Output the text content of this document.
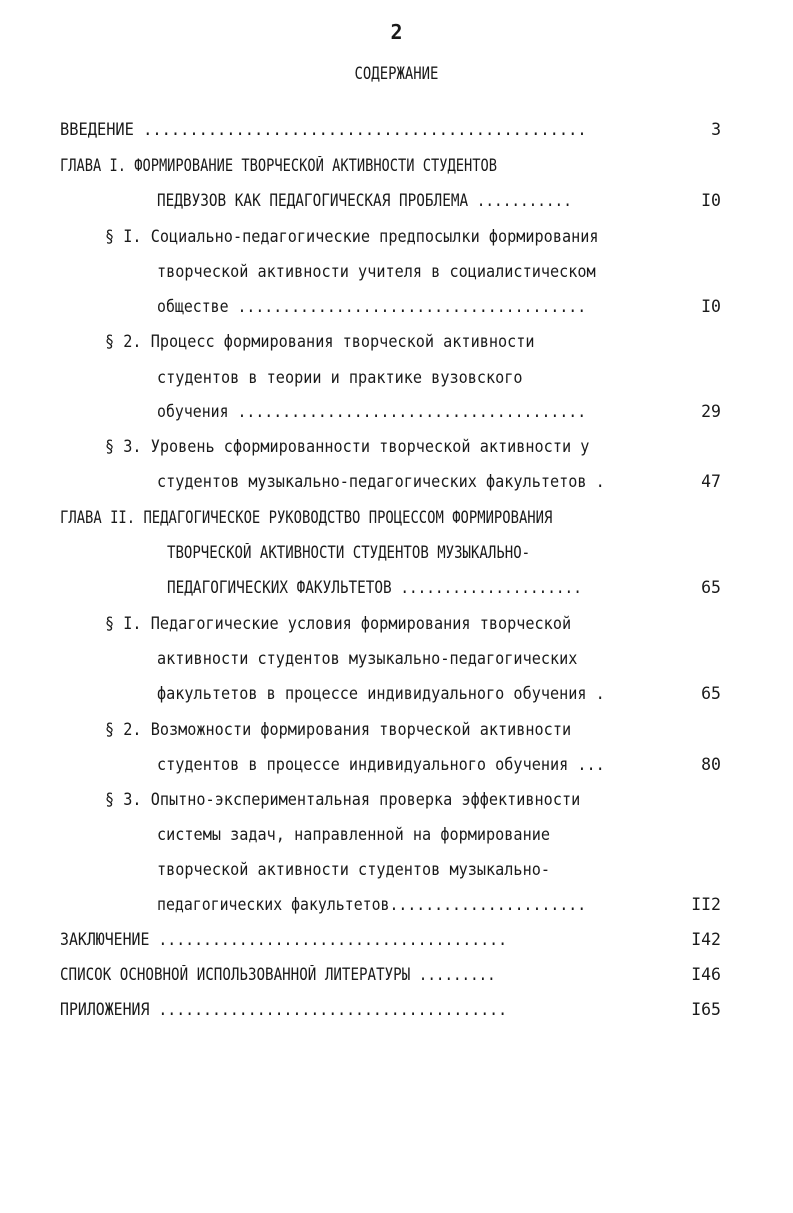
2
СОДЕРЖАНИЕ
ВВЕДЕНИЕ ................................................	3
ГЛАВА I. ФОРМИРОВАНИЕ ТВОРЧЕСКОЙ АКТИВНОСТИ СТУДЕНТОВ
ПЕДВУЗОВ КАК ПЕДАГОГИЧЕСКАЯ ПРОБЛЕМА ...........	I0
§ I. Социально-педагогические предпосылки формирования
творческой активности учителя в социалистическом
обществе .......................................	I0
§ 2. Процесс формирования творческой активности
студентов в теории и практике вузовского
обучения .......................................	29
§ 3. Уровень сформированности творческой активности у
студентов музыкально-педагогических факультетов .	47
ГЛАВА II. ПЕДАГОГИЧЕСКОЕ РУКОВОДСТВО ПРОЦЕССОМ ФОРМИРОВАНИЯ
ТВОРЧЕСКОЙ АКТИВНОСТИ СТУДЕНТОВ МУЗЫКАЛЬНО-
ПЕДАГОГИЧЕСКИХ ФАКУЛЬТЕТОВ .....................	65
§ I. Педагогические условия формирования творческой
активности студентов музыкально-педагогических
факультетов в процессе индивидуального обучения .	65
§ 2. Возможности формирования творческой активности
студентов в процессе индивидуального обучения ...	80
§ 3. Опытно-экспериментальная проверка эффективности
системы задач, направленной на формирование
творческой активности студентов музыкально-
педагогических факультетов......................	II2
ЗАКЛЮЧЕНИЕ .......................................	I42
СПИСОК ОСНОВНОЙ ИСПОЛЬЗОВАННОЙ ЛИТЕРАТУРЫ .........	I46
ПРИЛОЖЕНИЯ .......................................	I65
